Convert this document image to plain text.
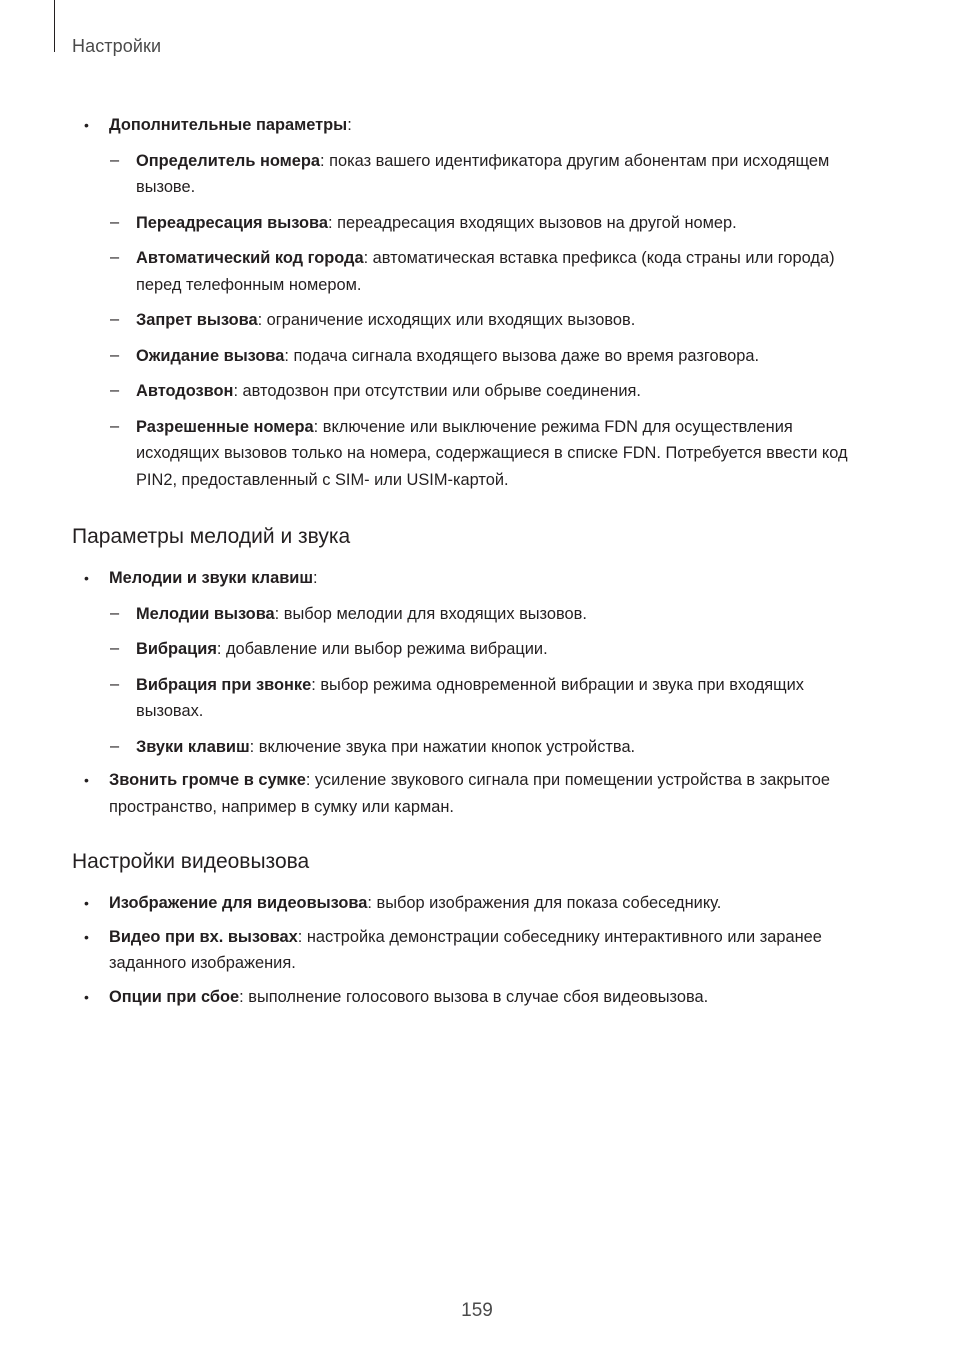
Настройки
• Дополнительные параметры:
– Определитель номера: показ вашего идентификатора другим абонентам при исходящем вызове.
– Переадресация вызова: переадресация входящих вызовов на другой номер.
– Автоматический код города: автоматическая вставка префикса (кода страны или города) перед телефонным номером.
– Запрет вызова: ограничение исходящих или входящих вызовов.
– Ожидание вызова: подача сигнала входящего вызова даже во время разговора.
– Автодозвон: автодозвон при отсутствии или обрыве соединения.
– Разрешенные номера: включение или выключение режима FDN для осуществления исходящих вызовов только на номера, содержащиеся в списке FDN. Потребуется ввести код PIN2, предоставленный с SIM- или USIM-картой.
Параметры мелодий и звука
• Мелодии и звуки клавиш:
– Мелодии вызова: выбор мелодии для входящих вызовов.
– Вибрация: добавление или выбор режима вибрации.
– Вибрация при звонке: выбор режима одновременной вибрации и звука при входящих вызовах.
– Звуки клавиш: включение звука при нажатии кнопок устройства.
• Звонить громче в сумке: усиление звукового сигнала при помещении устройства в закрытое пространство, например в сумку или карман.
Настройки видеовызова
• Изображение для видеовызова: выбор изображения для показа собеседнику.
• Видео при вх. вызовах: настройка демонстрации собеседнику интерактивного или заранее заданного изображения.
• Опции при сбое: выполнение голосового вызова в случае сбоя видеовызова.
159
